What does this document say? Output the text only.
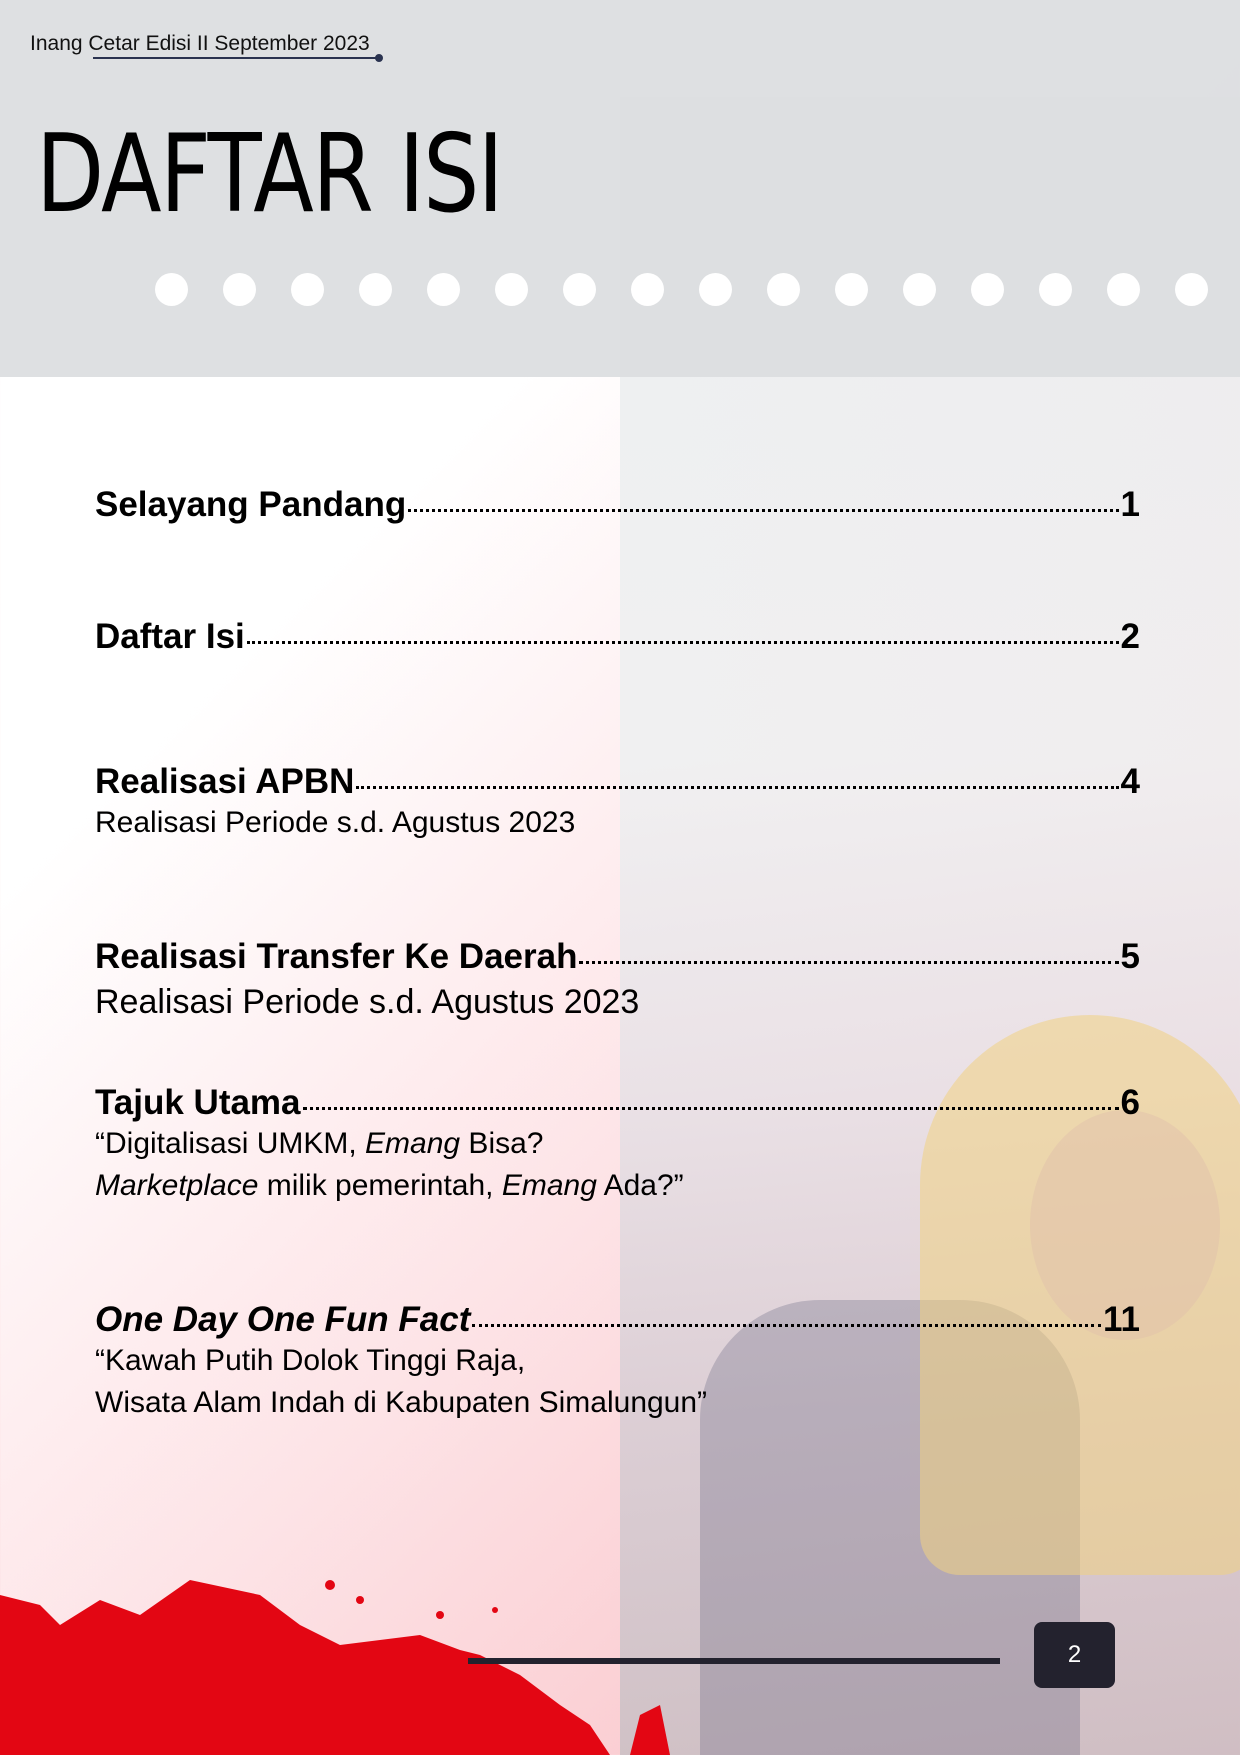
Inang Cetar Edisi II September 2023
DAFTAR ISI
Selayang Pandang	1
Daftar Isi	2
Realisasi APBN	4
Realisasi Periode s.d. Agustus 2023
Realisasi Transfer Ke Daerah	5
Realisasi Periode s.d. Agustus 2023
Tajuk Utama	6
“Digitalisasi UMKM, Emang Bisa?
Marketplace milik pemerintah, Emang Ada?”
One Day One Fun Fact	11
“Kawah Putih Dolok Tinggi Raja,
Wisata Alam Indah di Kabupaten Simalungun”
2
